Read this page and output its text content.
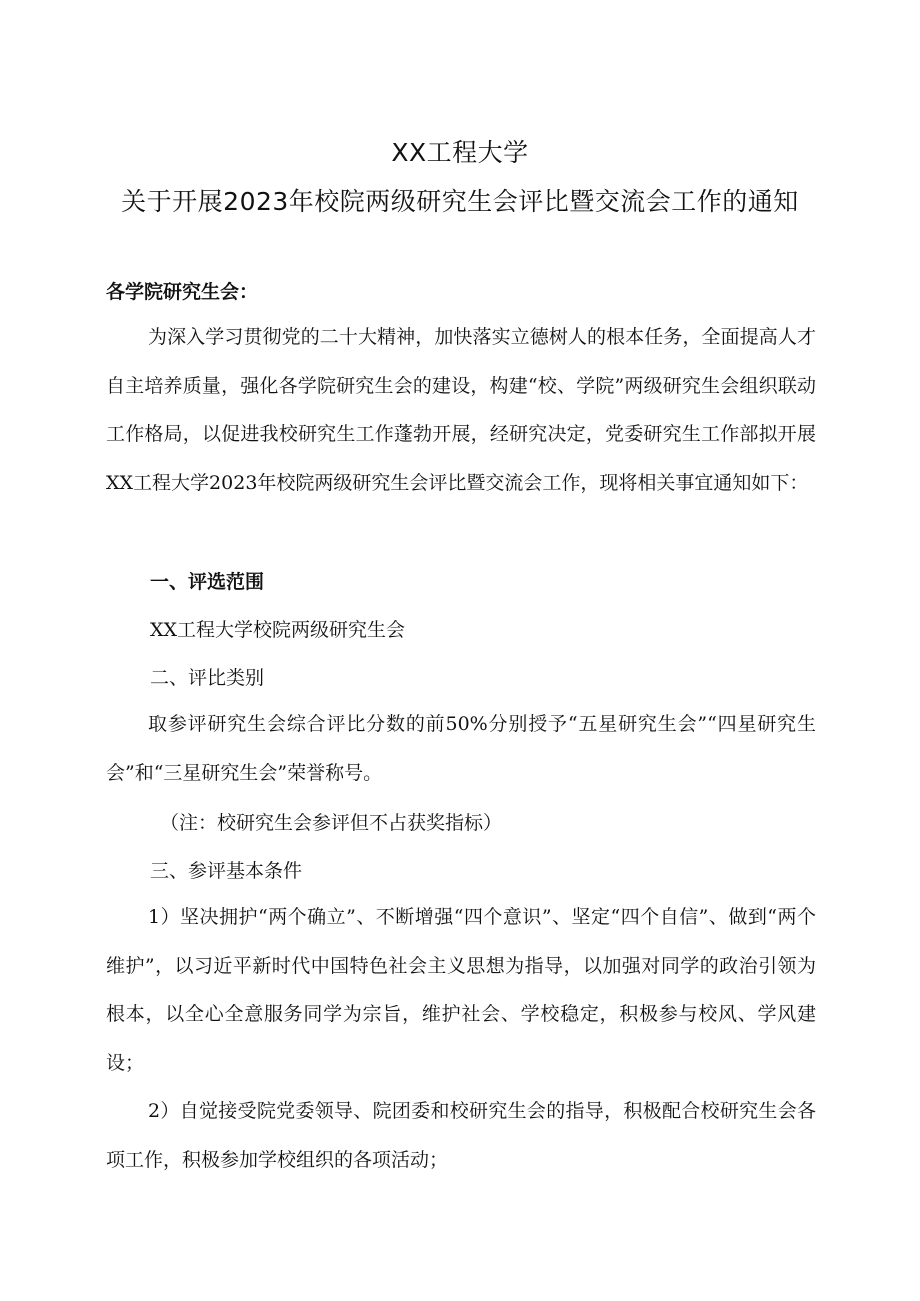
XX工程大学
关于开展2023年校院两级研究生会评比暨交流会工作的通知
各学院研究生会：
为深入学习贯彻党的二十大精神，加快落实立德树人的根本任务，全面提高人才自主培养质量，强化各学院研究生会的建设，构建“校、学院”两级研究生会组织联动工作格局，以促进我校研究生工作蓬勃开展，经研究决定，党委研究生工作部拟开展XX工程大学2023年校院两级研究生会评比暨交流会工作，现将相关事宜通知如下：
一、评选范围
XX工程大学校院两级研究生会
二、评比类别
取参评研究生会综合评比分数的前50%分别授予“五星研究生会”“四星研究生会”和“三星研究生会”荣誉称号。
（注：校研究生会参评但不占获奖指标）
三、参评基本条件
1）坚决拥护“两个确立”、不断增强“四个意识”、坚定“四个自信”、做到“两个维护”，以习近平新时代中国特色社会主义思想为指导，以加强对同学的政治引领为根本，以全心全意服务同学为宗旨，维护社会、学校稳定，积极参与校风、学风建设；
2）自觉接受院党委领导、院团委和校研究生会的指导，积极配合校研究生会各项工作，积极参加学校组织的各项活动；
